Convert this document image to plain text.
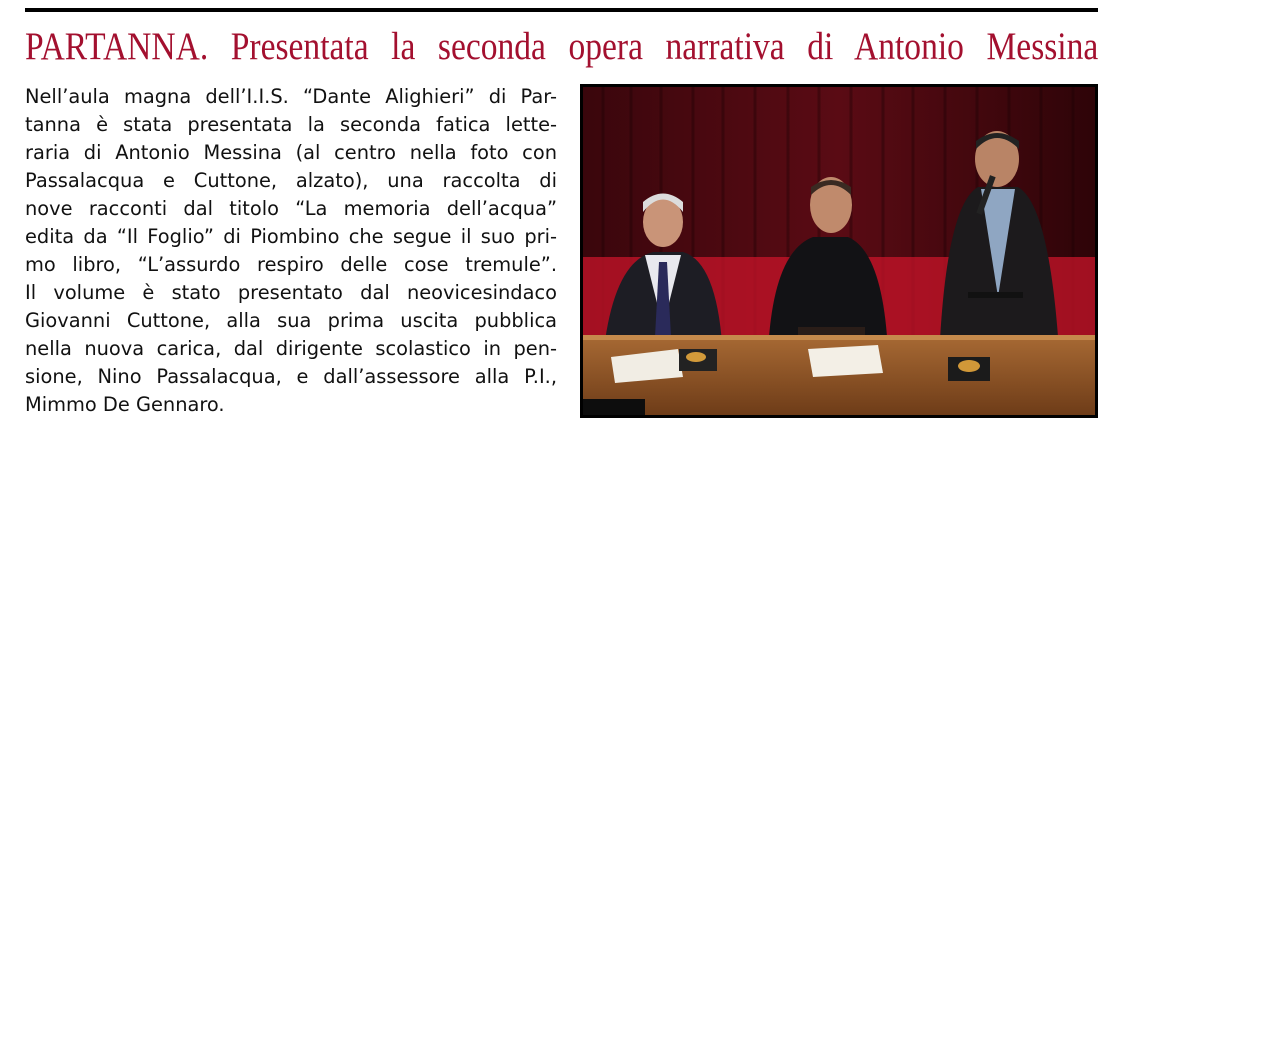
PARTANNA. Presentata la seconda opera narrativa di Antonio Messina
Nell’aula magna dell’I.I.S. “Dante Alighieri” di Par-
tanna è stata presentata la seconda fatica lette-
raria di Antonio Messina (al centro nella foto con
Passalacqua e Cuttone, alzato), una raccolta di
nove racconti dal titolo “La memoria dell’acqua”
edita da “Il Foglio” di Piombino che segue il suo pri-
mo libro, “L’assurdo respiro delle cose tremule”.
Il volume è stato presentato dal neovicesindaco
Giovanni Cuttone, alla sua prima uscita pubblica
nella nuova carica, dal dirigente scolastico in pen-
sione, Nino Passalacqua, e dall’assessore alla P.I.,
Mimmo De Gennaro.
